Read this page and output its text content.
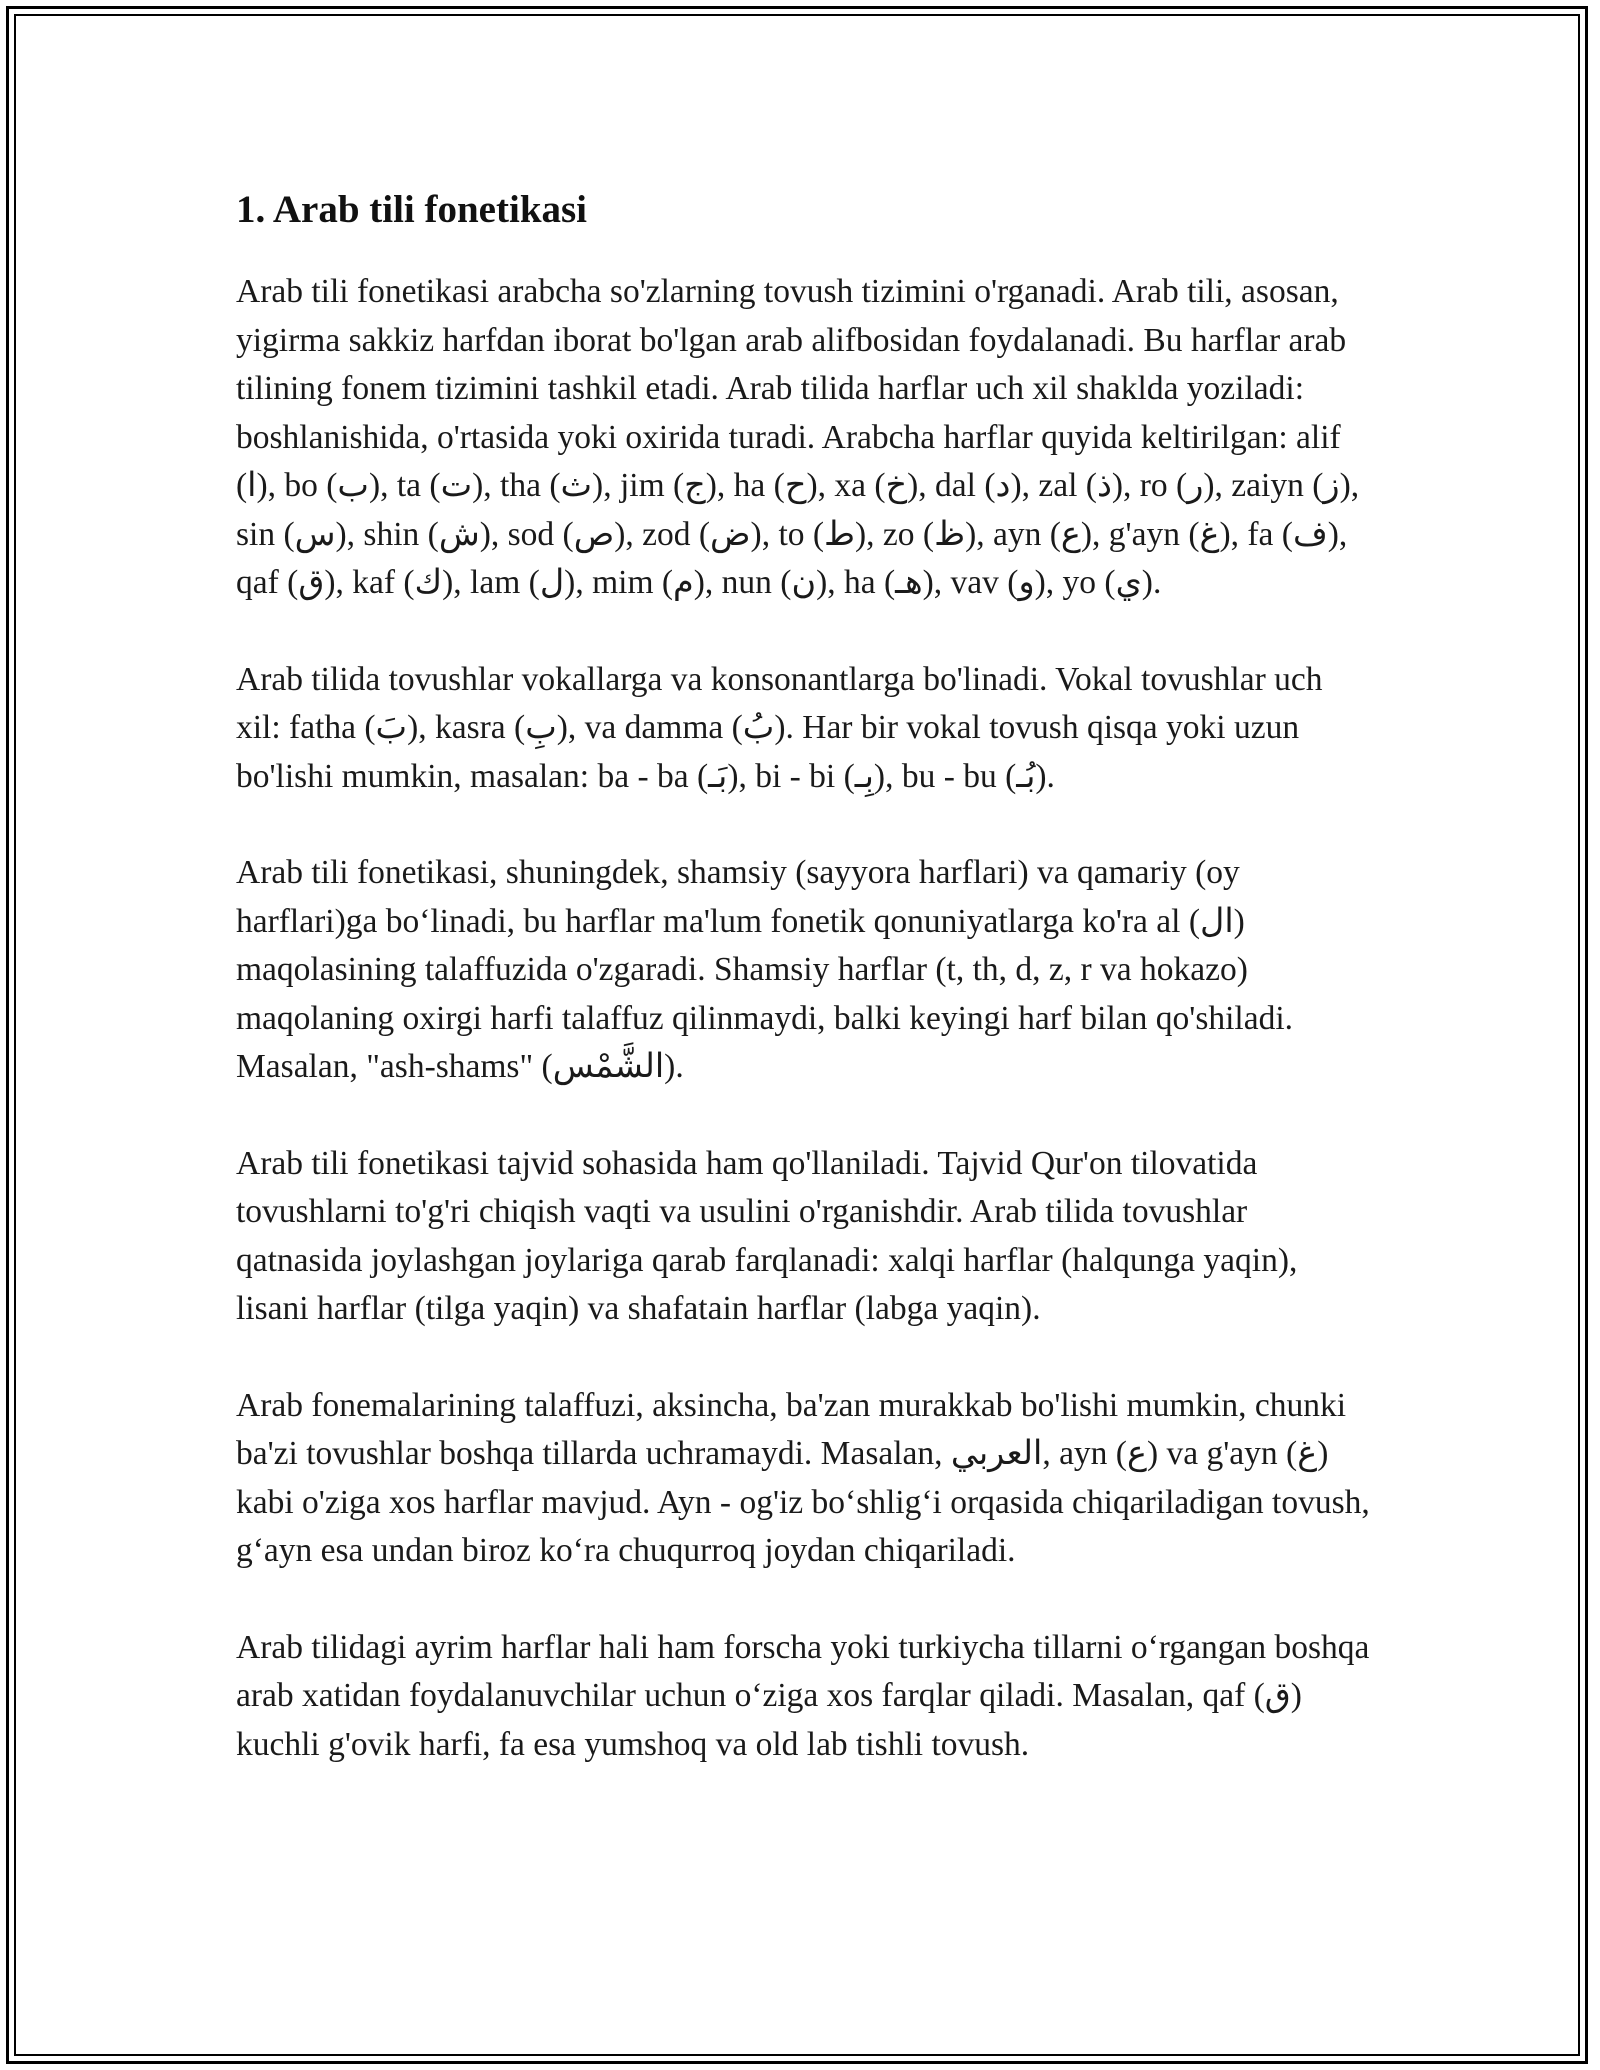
1. Arab tili fonetikasi

Arab tili fonetikasi arabcha so'zlarning tovush tizimini o'rganadi. Arab tili, asosan, yigirma sakkiz harfdan iborat bo'lgan arab alifbosidan foydalanadi. Bu harflar arab tilining fonem tizimini tashkil etadi. Arab tilida harflar uch xil shaklda yoziladi: boshlanishida, o'rtasida yoki oxirida turadi. Arabcha harflar quyida keltirilgan: alif (ا), bo (ب), ta (ت), tha (ث), jim (ج), ha (ح), xa (خ), dal (د), zal (ذ), ro (ر), zaiyn (ز), sin (س), shin (ش), sod (ص), zod (ض), to (ط), zo (ظ), ayn (ع), g'ayn (غ), fa (ف), qaf (ق), kaf (ك), lam (ل), mim (م), nun (ن), ha (هـ), vav (و), yo (ي).

Arab tilida tovushlar vokallarga va konsonantlarga bo'linadi. Vokal tovushlar uch xil: fatha (بَ), kasra (بِ), va damma (بُ). Har bir vokal tovush qisqa yoki uzun bo'lishi mumkin, masalan: ba - ba (بَـ), bi - bi (بِـ), bu - bu (بُـ).

Arab tili fonetikasi, shuningdek, shamsiy (sayyora harflari) va qamariy (oy harflari)ga bo‘linadi, bu harflar ma'lum fonetik qonuniyatlarga ko'ra al (ال) maqolasining talaffuzida o'zgaradi. Shamsiy harflar (t, th, d, z, r va hokazo) maqolaning oxirgi harfi talaffuz qilinmaydi, balki keyingi harf bilan qo'shiladi. Masalan, "ash-shams" (الشَّمْس).

Arab tili fonetikasi tajvid sohasida ham qo'llaniladi. Tajvid Qur'on tilovatida tovushlarni to'g'ri chiqish vaqti va usulini o'rganishdir. Arab tilida tovushlar qatnasida joylashgan joylariga qarab farqlanadi: xalqi harflar (halqunga yaqin), lisani harflar (tilga yaqin) va shafatain harflar (labga yaqin).

Arab fonemalarining talaffuzi, aksincha, ba'zan murakkab bo'lishi mumkin, chunki ba'zi tovushlar boshqa tillarda uchramaydi. Masalan, العربي, ayn (ع) va g'ayn (غ) kabi o'ziga xos harflar mavjud. Ayn - og'iz bo‘shlig‘i orqasida chiqariladigan tovush, g‘ayn esa undan biroz ko‘ra chuqurroq joydan chiqariladi.

Arab tilidagi ayrim harflar hali ham forscha yoki turkiycha tillarni o‘rgangan boshqa arab xatidan foydalanuvchilar uchun o‘ziga xos farqlar qiladi. Masalan, qaf (ق) kuchli g'ovik harfi, fa esa yumshoq va old lab tishli tovush.
